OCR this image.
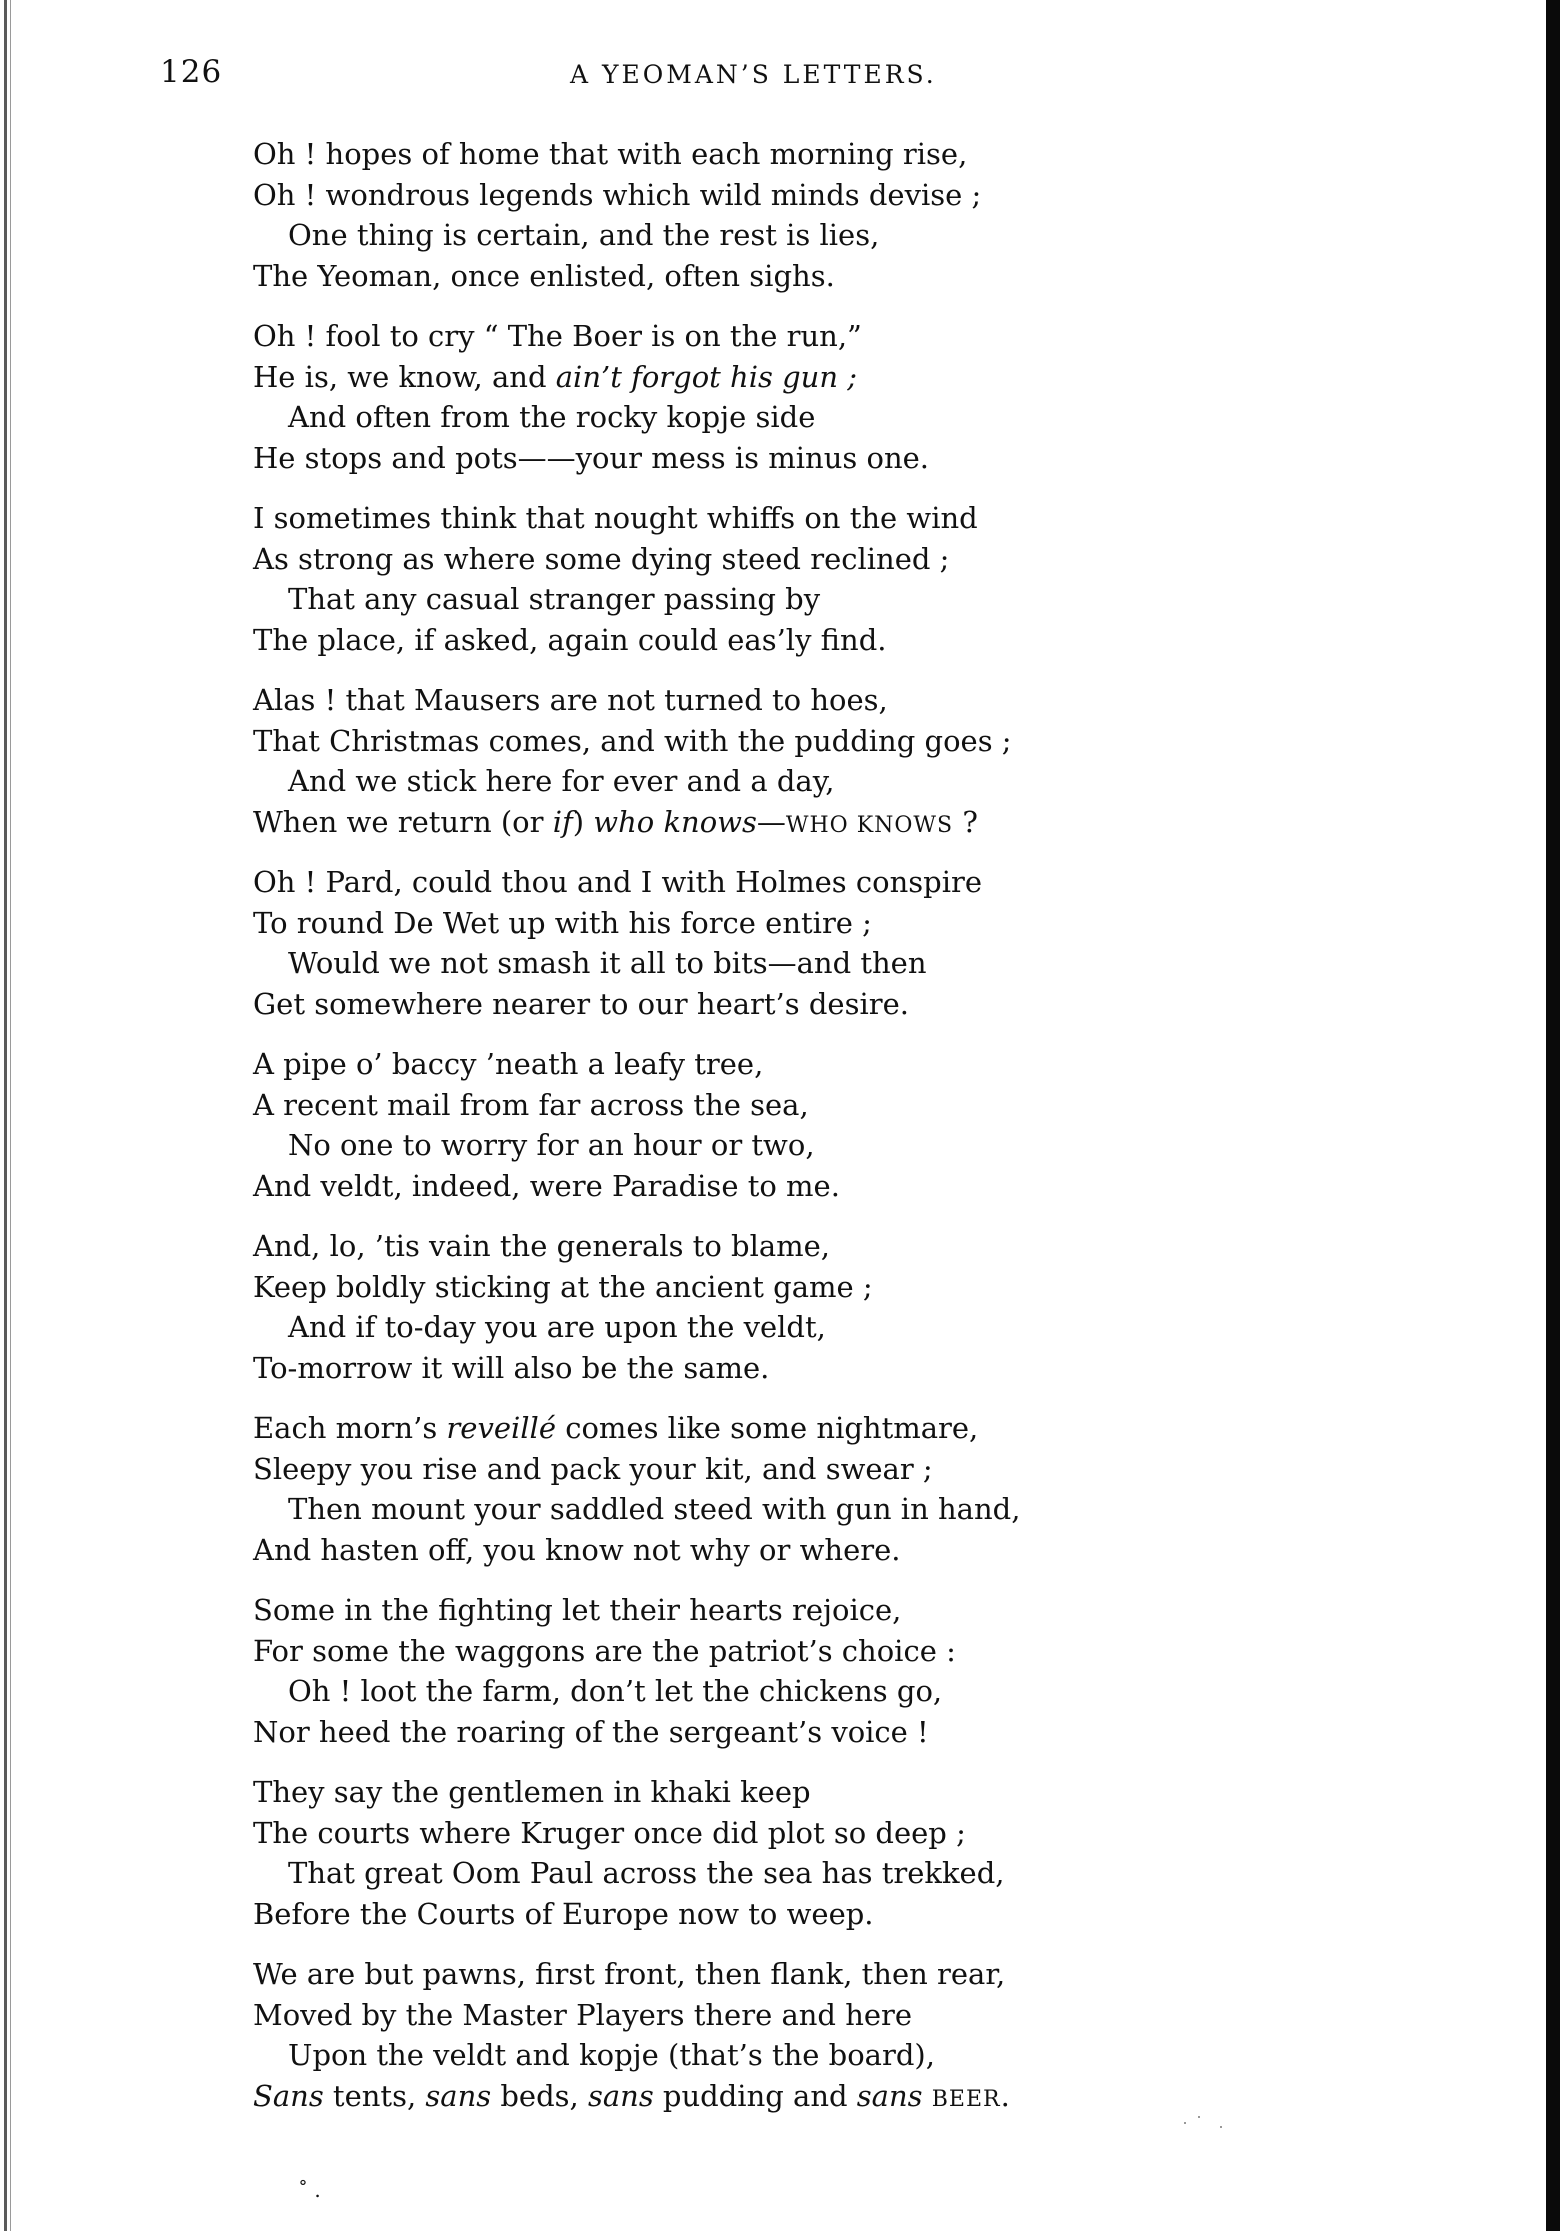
126	A YEOMAN’S LETTERS.
Oh ! hopes of home that with each morning rise,
Oh ! wondrous legends which wild minds devise ;
One thing is certain, and the rest is lies,
The Yeoman, once enlisted, often sighs.
Oh ! fool to cry “ The Boer is on the run,”
He is, we know, and ain’t forgot his gun ;
And often from the rocky kopje side
He stops and pots——your mess is minus one.
I sometimes think that nought whiffs on the wind
As strong as where some dying steed reclined ;
That any casual stranger passing by
The place, if asked, again could eas’ly find.
Alas ! that Mausers are not turned to hoes,
That Christmas comes, and with the pudding goes ;
And we stick here for ever and a day,
When we return (or if) who knows—WHO KNOWS ?
Oh ! Pard, could thou and I with Holmes conspire
To round De Wet up with his force entire ;
Would we not smash it all to bits—and then
Get somewhere nearer to our heart’s desire.
A pipe o’ baccy ’neath a leafy tree,
A recent mail from far across the sea,
No one to worry for an hour or two,
And veldt, indeed, were Paradise to me.
And, lo, ’tis vain the generals to blame,
Keep boldly sticking at the ancient game ;
And if to-day you are upon the veldt,
To-morrow it will also be the same.
Each morn’s reveillé comes like some nightmare,
Sleepy you rise and pack your kit, and swear ;
Then mount your saddled steed with gun in hand,
And hasten off, you know not why or where.
Some in the fighting let their hearts rejoice,
For some the waggons are the patriot’s choice :
Oh ! loot the farm, don’t let the chickens go,
Nor heed the roaring of the sergeant’s voice !
They say the gentlemen in khaki keep
The courts where Kruger once did plot so deep ;
That great Oom Paul across the sea has trekked,
Before the Courts of Europe now to weep.
We are but pawns, first front, then flank, then rear,
Moved by the Master Players there and here
Upon the veldt and kopje (that’s the board),
Sans tents, sans beds, sans pudding and sans BEER.
˚ .
